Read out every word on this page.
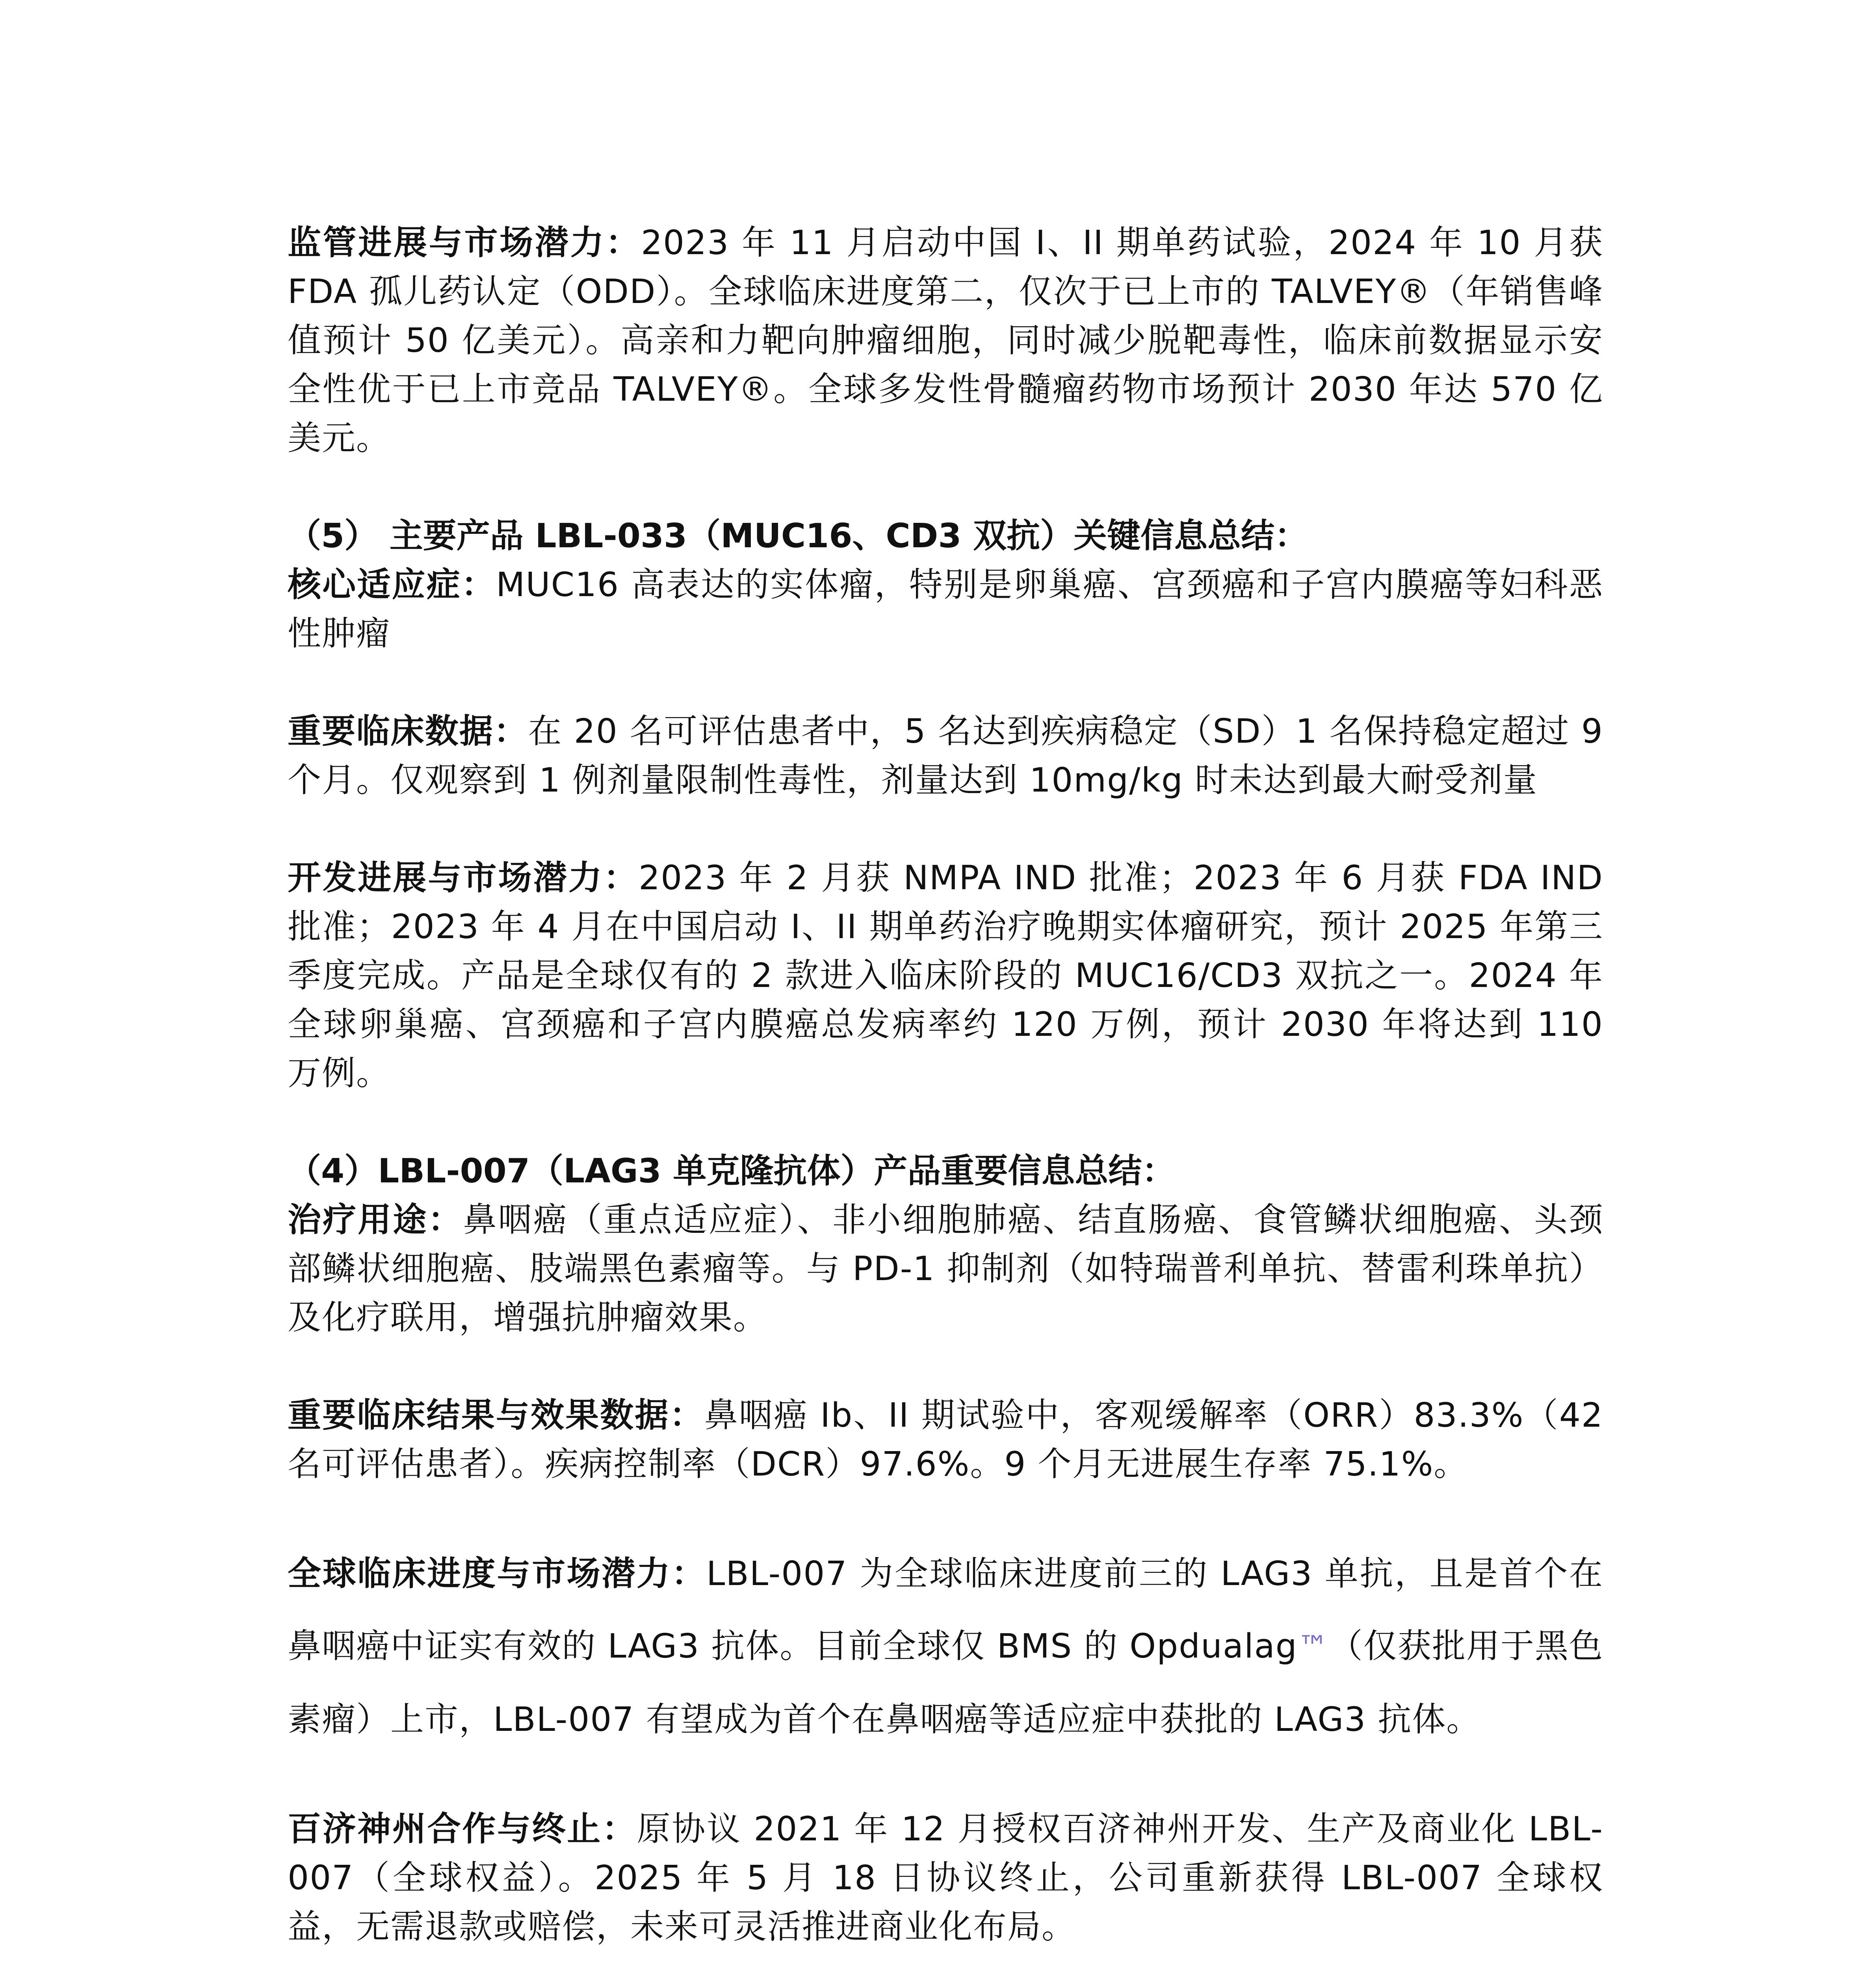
监管进展与市场潜力：2023 年 11 月启动中国 I、II 期单药试验，2024 年 10 月获 FDA 孤儿药认定（ODD）。全球临床进度第二，仅次于已上市的 TALVEY®（年销售峰值预计 50 亿美元）。高亲和力靶向肿瘤细胞，同时减少脱靶毒性，临床前数据显示安全性优于已上市竞品 TALVEY®。全球多发性骨髓瘤药物市场预计 2030 年达 570 亿美元。

（5） 主要产品 LBL-033（MUC16、CD3 双抗）关键信息总结：

核心适应症：MUC16 高表达的实体瘤，特别是卵巢癌、宫颈癌和子宫内膜癌等妇科恶性肿瘤

重要临床数据：在 20 名可评估患者中，5 名达到疾病稳定（SD）1 名保持稳定超过 9 个月。仅观察到 1 例剂量限制性毒性，剂量达到 10mg/kg 时未达到最大耐受剂量

开发进展与市场潜力：2023 年 2 月获 NMPA IND 批准；2023 年 6 月获 FDA IND 批准；2023 年 4 月在中国启动 I、II 期单药治疗晚期实体瘤研究，预计 2025 年第三季度完成。产品是全球仅有的 2 款进入临床阶段的 MUC16/CD3 双抗之一。2024 年全球卵巢癌、宫颈癌和子宫内膜癌总发病率约 120 万例，预计 2030 年将达到 110 万例。

（4）LBL-007（LAG3 单克隆抗体）产品重要信息总结：

治疗用途：鼻咽癌（重点适应症）、非小细胞肺癌、结直肠癌、食管鳞状细胞癌、头颈部鳞状细胞癌、肢端黑色素瘤等。与 PD-1 抑制剂（如特瑞普利单抗、替雷利珠单抗）及化疗联用，增强抗肿瘤效果。

重要临床结果与效果数据：鼻咽癌 Ib、II 期试验中，客观缓解率（ORR）83.3%（42 名可评估患者）。疾病控制率（DCR）97.6%。9 个月无进展生存率 75.1%。

全球临床进度与市场潜力：LBL-007 为全球临床进度前三的 LAG3 单抗，且是首个在鼻咽癌中证实有效的 LAG3 抗体。目前全球仅 BMS 的 Opdualag™（仅获批用于黑色素瘤）上市，LBL-007 有望成为首个在鼻咽癌等适应症中获批的 LAG3 抗体。

百济神州合作与终止：原协议 2021 年 12 月授权百济神州开发、生产及商业化 LBL-007（全球权益）。2025 年 5 月 18 日协议终止，公司重新获得 LBL-007 全球权益，无需退款或赔偿，未来可灵活推进商业化布局。
